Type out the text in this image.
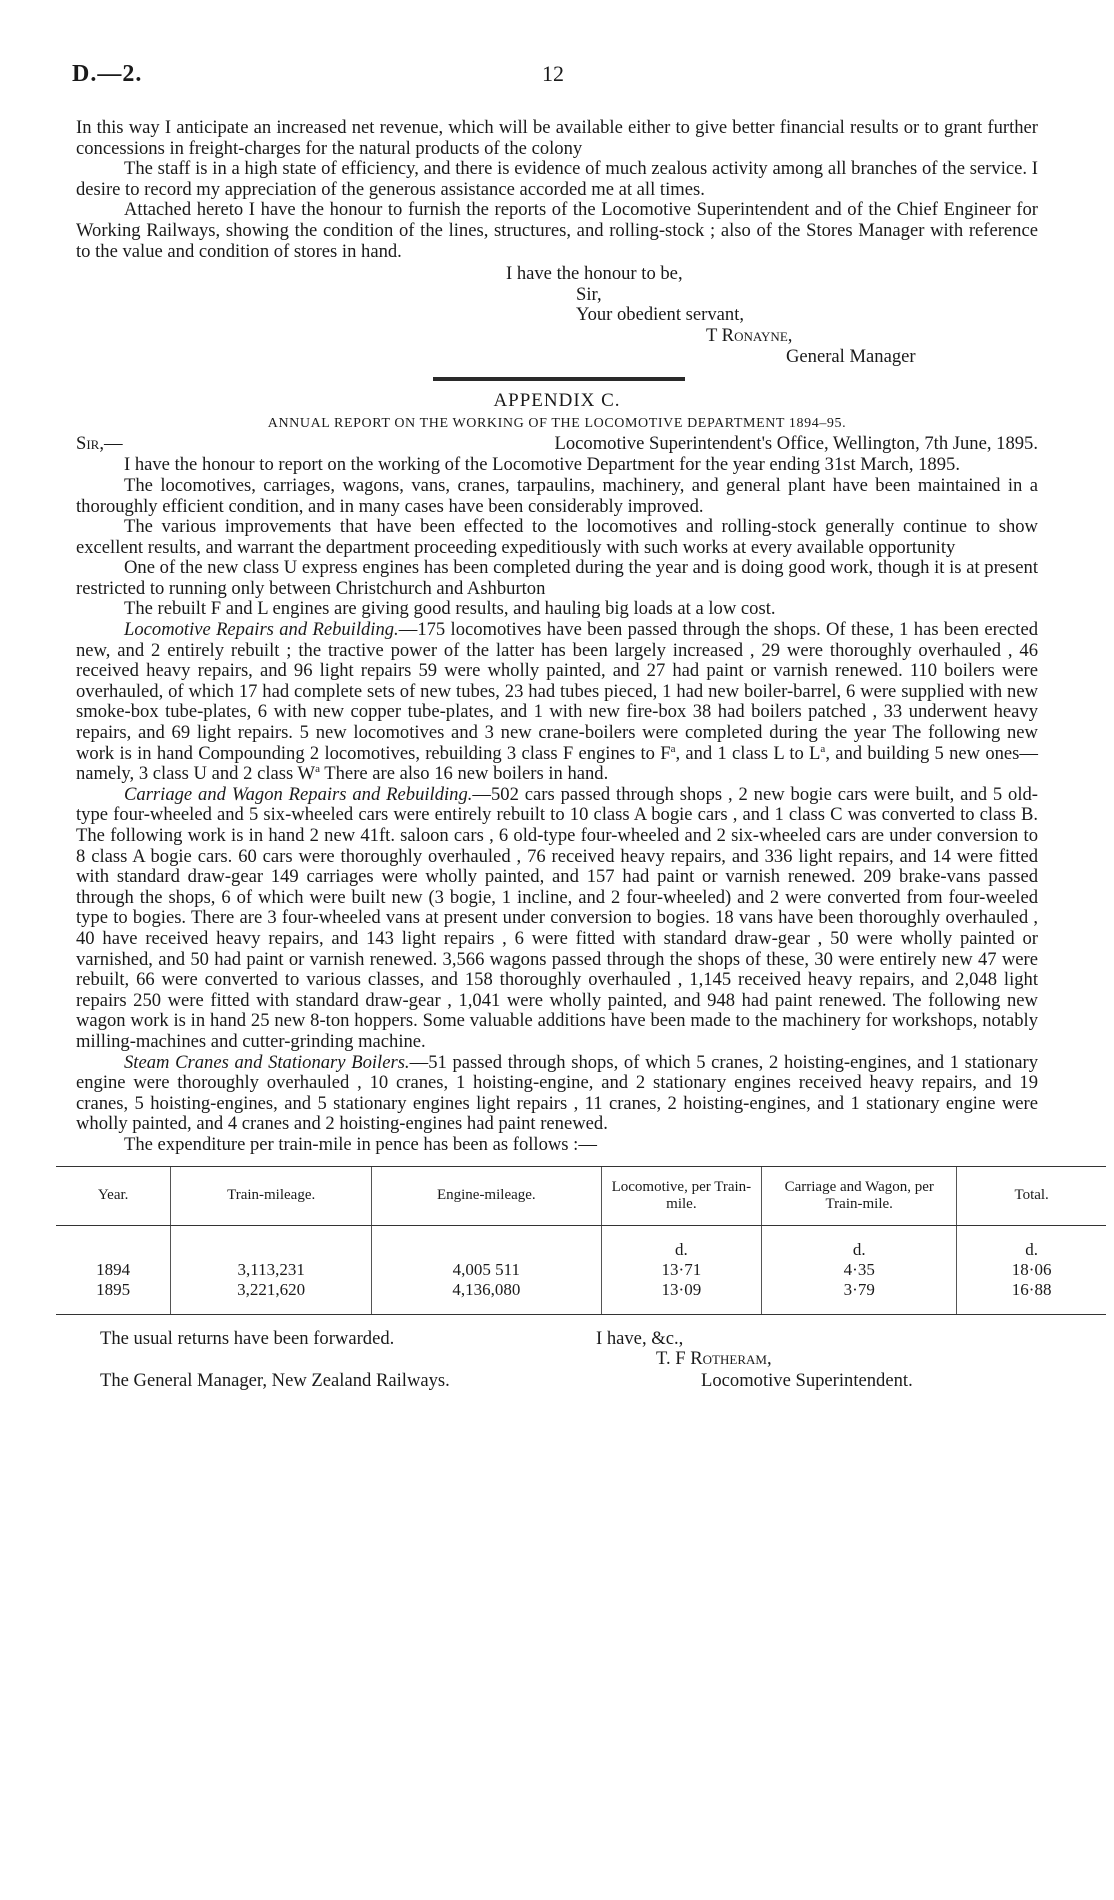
D.—2.	12

In this way I anticipate an increased net revenue, which will be available either to give better financial results or to grant further concessions in freight-charges for the natural products of the colony

The staff is in a high state of efficiency, and there is evidence of much zealous activity among all branches of the service. I desire to record my appreciation of the generous assistance accorded me at all times.

Attached hereto I have the honour to furnish the reports of the Locomotive Superintendent and of the Chief Engineer for Working Railways, showing the condition of the lines, structures, and rolling-stock ; also of the Stores Manager with reference to the value and condition of stores in hand.

I have the honour to be,
Sir,
Your obedient servant,
T Ronayne,
General Manager
APPENDIX C.
ANNUAL REPORT ON THE WORKING OF THE LOCOMOTIVE DEPARTMENT 1894–95.
Sir,—	Locomotive Superintendent's Office, Wellington, 7th June, 1895.

I have the honour to report on the working of the Locomotive Department for the year ending 31st March, 1895.

The locomotives, carriages, wagons, vans, cranes, tarpaulins, machinery, and general plant have been maintained in a thoroughly efficient condition, and in many cases have been considerably improved.

The various improvements that have been effected to the locomotives and rolling-stock generally continue to show excellent results, and warrant the department proceeding expeditiously with such works at every available opportunity

One of the new class U express engines has been completed during the year and is doing good work, though it is at present restricted to running only between Christchurch and Ashburton

The rebuilt F and L engines are giving good results, and hauling big loads at a low cost.

Locomotive Repairs and Rebuilding.—175 locomotives have been passed through the shops. Of these, 1 has been erected new, and 2 entirely rebuilt ; the tractive power of the latter has been largely increased , 29 were thoroughly overhauled , 46 received heavy repairs, and 96 light repairs 59 were wholly painted, and 27 had paint or varnish renewed. 110 boilers were overhauled, of which 17 had complete sets of new tubes, 23 had tubes pieced, 1 had new boiler-barrel, 6 were supplied with new smoke-box tube-plates, 6 with new copper tube-plates, and 1 with new fire-box 38 had boilers patched , 33 underwent heavy repairs, and 69 light repairs. 5 new locomotives and 3 new crane-boilers were completed during the year The following new work is in hand Compounding 2 locomotives, rebuilding 3 class F engines to $F^a$, and 1 class L to $L^a$, and building 5 new ones—namely, 3 class U and 2 class $W^a$ There are also 16 new boilers in hand.

Carriage and Wagon Repairs and Rebuilding.—502 cars passed through shops , 2 new bogie cars were built, and 5 old-type four-wheeled and 5 six-wheeled cars were entirely rebuilt to 10 class A bogie cars , and 1 class C was converted to class B. The following work is in hand 2 new 41ft. saloon cars , 6 old-type four-wheeled and 2 six-wheeled cars are under conversion to 8 class A bogie cars. 60 cars were thoroughly overhauled , 76 received heavy repairs, and 336 light repairs, and 14 were fitted with standard draw-gear 149 carriages were wholly painted, and 157 had paint or varnish renewed. 209 brake-vans passed through the shops, 6 of which were built new (3 bogie, 1 incline, and 2 four-wheeled) and 2 were converted from four-weeled type to bogies. There are 3 four-wheeled vans at present under conversion to bogies. 18 vans have been thoroughly overhauled , 40 have received heavy repairs, and 143 light repairs , 6 were fitted with standard draw-gear , 50 were wholly painted or varnished, and 50 had paint or varnish renewed. 3,566 wagons passed through the shops of these, 30 were entirely new 47 were rebuilt, 66 were converted to various classes, and 158 thoroughly overhauled , 1,145 received heavy repairs, and 2,048 light repairs 250 were fitted with standard draw-gear , 1,041 were wholly painted, and 948 had paint renewed. The following new wagon work is in hand 25 new 8-ton hoppers. Some valuable additions have been made to the machinery for workshops, notably milling-machines and cutter-grinding machine.

Steam Cranes and Stationary Boilers.—51 passed through shops, of which 5 cranes, 2 hoisting-engines, and 1 stationary engine were thoroughly overhauled , 10 cranes, 1 hoisting-engine, and 2 stationary engines received heavy repairs, and 19 cranes, 5 hoisting-engines, and 5 stationary engines light repairs , 11 cranes, 2 hoisting-engines, and 1 stationary engine were wholly painted, and 4 cranes and 2 hoisting-engines had paint renewed.

The expenditure per train-mile in pence has been as follows :—

Year.	Train-mileage.	Engine-mileage.	Locomotive, per Train-mile.	Carriage and Wagon, per Train-mile.	Total.
			d.	d.	d.
1894	3,113,231	4,005 511	13·71	4·35	18·06
1895	3,221,620	4,136,080	13·09	3·79	16·88
The usual returns have been forwarded.	I have, &c.,
T. F Rotheram,
The General Manager, New Zealand Railways.	Locomotive Superintendent.
